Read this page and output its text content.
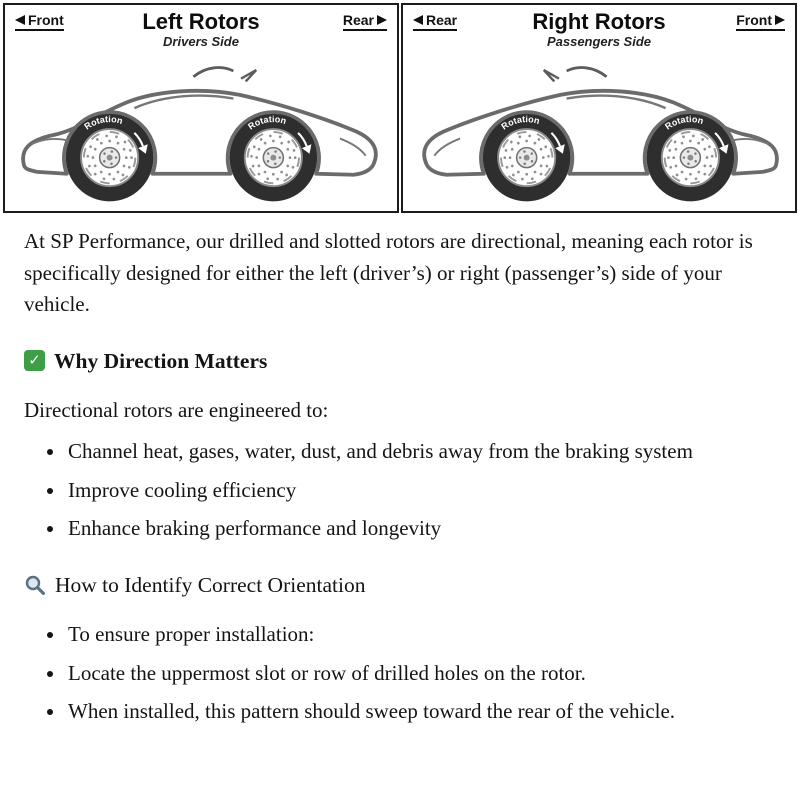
Front	Left Rotors
Drivers Side
Rear
Rotation	Rotation
Rear	Right Rotors
Passengers Side
Front
Rotation	Rotation

At SP Performance, our drilled and slotted rotors are directional, meaning each rotor is specifically designed for either the left (driver’s) or right (passenger’s) side of your vehicle.

✓ Why Direction Matters

Directional rotors are engineered to:

• Channel heat, gases, water, dust, and debris away from the braking system
• Improve cooling efficiency
• Enhance braking performance and longevity
How to Identify Correct Orientation
• To ensure proper installation:
• Locate the uppermost slot or row of drilled holes on the rotor.
• When installed, this pattern should sweep toward the rear of the vehicle.
